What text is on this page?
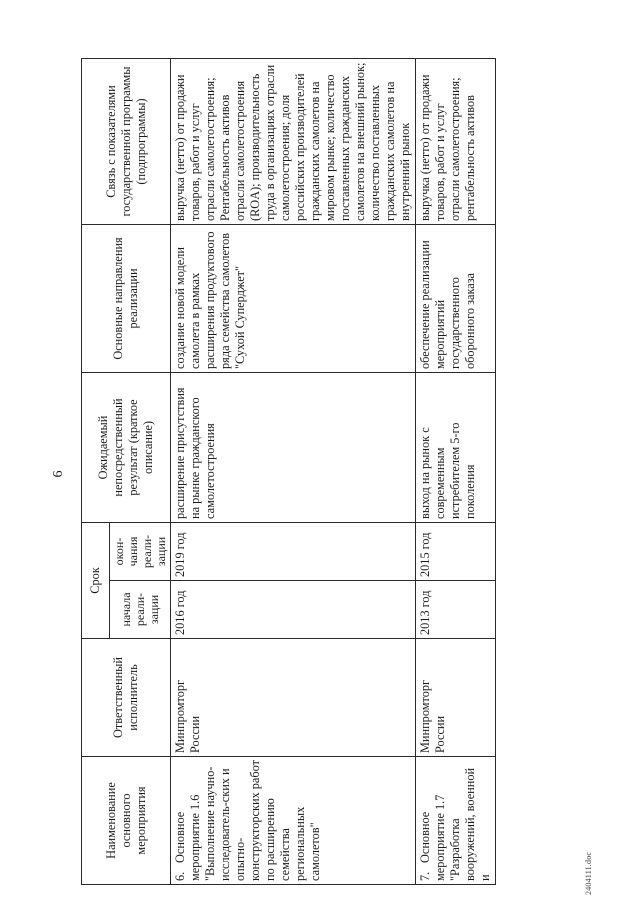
6
Наименование основного мероприятия	Ответственный исполнитель	Срок		Ожидаемый непосредственный результат (краткое описание)	Основные направления реализации	Связь с показателями государственной программы (подпрограммы)
		начала реали-зации	окон-чания реали-зации			
6.Основное мероприятие 1.6 "Выполнение научно-исследователь-ских и опытно-конструкторских работ по расширению семейства региональных самолетов"	Минпромторг России	2016 год	2019 год	расширение присутствия на рынке гражданского самолетостроения	создание новой модели самолета в рамках расширения продуктового ряда семейства самолетов "Сухой Суперджет"	выручка (нетто) от продажи товаров, работ и услуг отрасли самолетостроения; Рентабельность активов отрасли самолетостроения (ROA); производительность труда в организациях отрасли самолетостроения; доля российских производителей гражданских самолетов на мировом рынке; количество поставленных гражданских самолетов на внешний рынок; количество поставленных гражданских самолетов на внутренний рынок
7.Основное мероприятие 1.7 "Разработка вооружений, военной и	Минпромторг России	2013 год	2015 год	выход на рынок с современным истребителем 5-го поколения	обеспечение реализации мероприятий государственного оборонного заказа	выручка (нетто) от продажи товаров, работ и услуг отрасли самолетостроения; рентабельность активов
2404111.doc
